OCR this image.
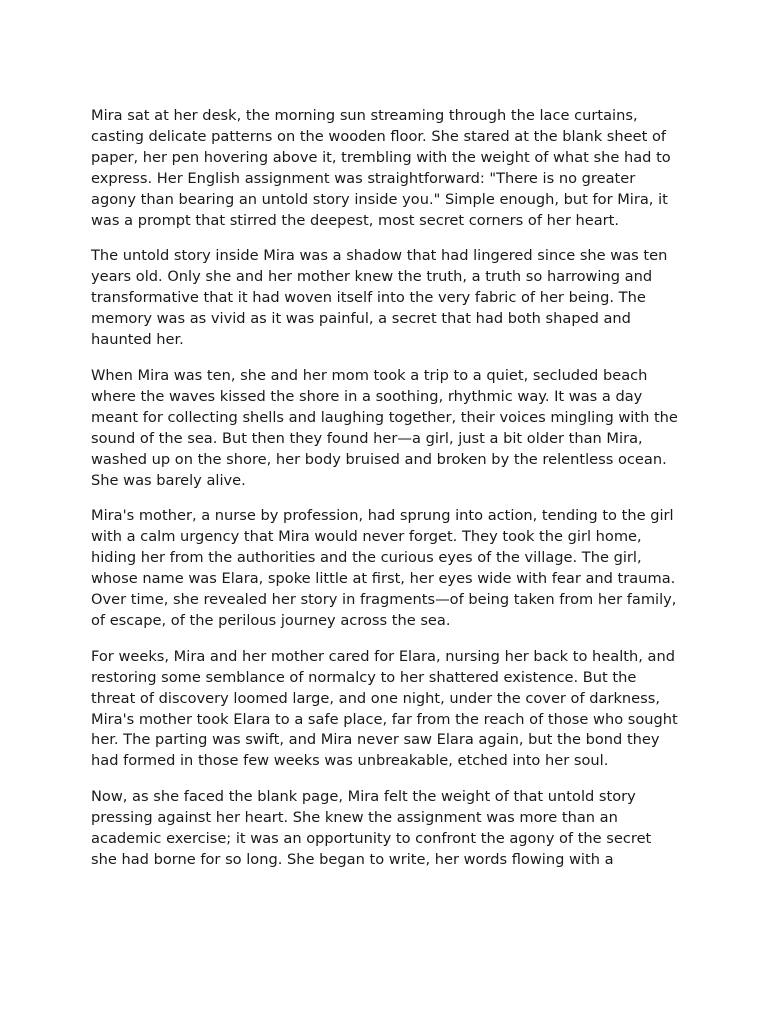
Mira sat at her desk, the morning sun streaming through the lace curtains, casting delicate patterns on the wooden floor. She stared at the blank sheet of paper, her pen hovering above it, trembling with the weight of what she had to express. Her English assignment was straightforward: "There is no greater agony than bearing an untold story inside you." Simple enough, but for Mira, it was a prompt that stirred the deepest, most secret corners of her heart.

The untold story inside Mira was a shadow that had lingered since she was ten years old. Only she and her mother knew the truth, a truth so harrowing and transformative that it had woven itself into the very fabric of her being. The memory was as vivid as it was painful, a secret that had both shaped and haunted her.

When Mira was ten, she and her mom took a trip to a quiet, secluded beach where the waves kissed the shore in a soothing, rhythmic way. It was a day meant for collecting shells and laughing together, their voices mingling with the sound of the sea. But then they found her—a girl, just a bit older than Mira, washed up on the shore, her body bruised and broken by the relentless ocean. She was barely alive.

Mira's mother, a nurse by profession, had sprung into action, tending to the girl with a calm urgency that Mira would never forget. They took the girl home, hiding her from the authorities and the curious eyes of the village. The girl, whose name was Elara, spoke little at first, her eyes wide with fear and trauma. Over time, she revealed her story in fragments—of being taken from her family, of escape, of the perilous journey across the sea.

For weeks, Mira and her mother cared for Elara, nursing her back to health, and restoring some semblance of normalcy to her shattered existence. But the threat of discovery loomed large, and one night, under the cover of darkness, Mira's mother took Elara to a safe place, far from the reach of those who sought her. The parting was swift, and Mira never saw Elara again, but the bond they had formed in those few weeks was unbreakable, etched into her soul.

Now, as she faced the blank page, Mira felt the weight of that untold story pressing against her heart. She knew the assignment was more than an academic exercise; it was an opportunity to confront the agony of the secret she had borne for so long. She began to write, her words flowing with a
